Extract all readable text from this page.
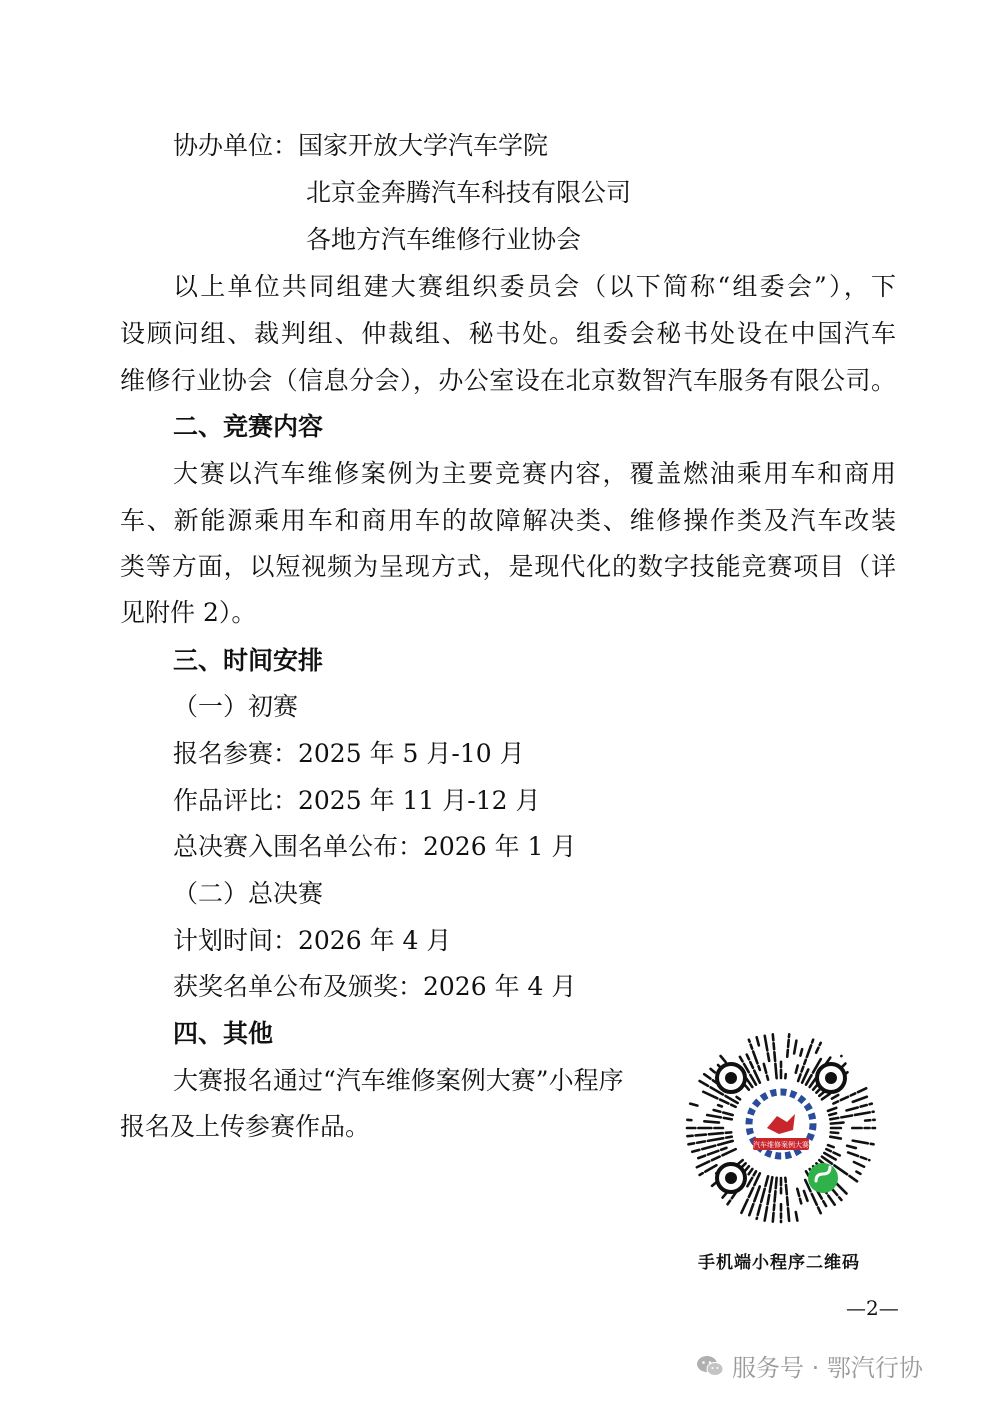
协办单位：国家开放大学汽车学院
北京金奔腾汽车科技有限公司
各地方汽车维修行业协会
以上单位共同组建大赛组织委员会（以下简称“组委会”），下
设顾问组、裁判组、仲裁组、秘书处。组委会秘书处设在中国汽车
维修行业协会（信息分会），办公室设在北京数智汽车服务有限公司。
二、竞赛内容
大赛以汽车维修案例为主要竞赛内容，覆盖燃油乘用车和商用
车、新能源乘用车和商用车的故障解决类、维修操作类及汽车改装
类等方面，以短视频为呈现方式，是现代化的数字技能竞赛项目（详
见附件 2）。
三、时间安排
（一）初赛
报名参赛：2025 年 5 月-10 月
作品评比：2025 年 11 月-12 月
总决赛入围名单公布：2026 年 1 月
（二）总决赛
计划时间：2026 年 4 月
获奖名单公布及颁奖：2026 年 4 月
四、其他
大赛报名通过“汽车维修案例大赛”小程序
报名及上传参赛作品。
汽车维修案例大赛
手机端小程序二维码
—2—
服务号 · 鄂汽行协
